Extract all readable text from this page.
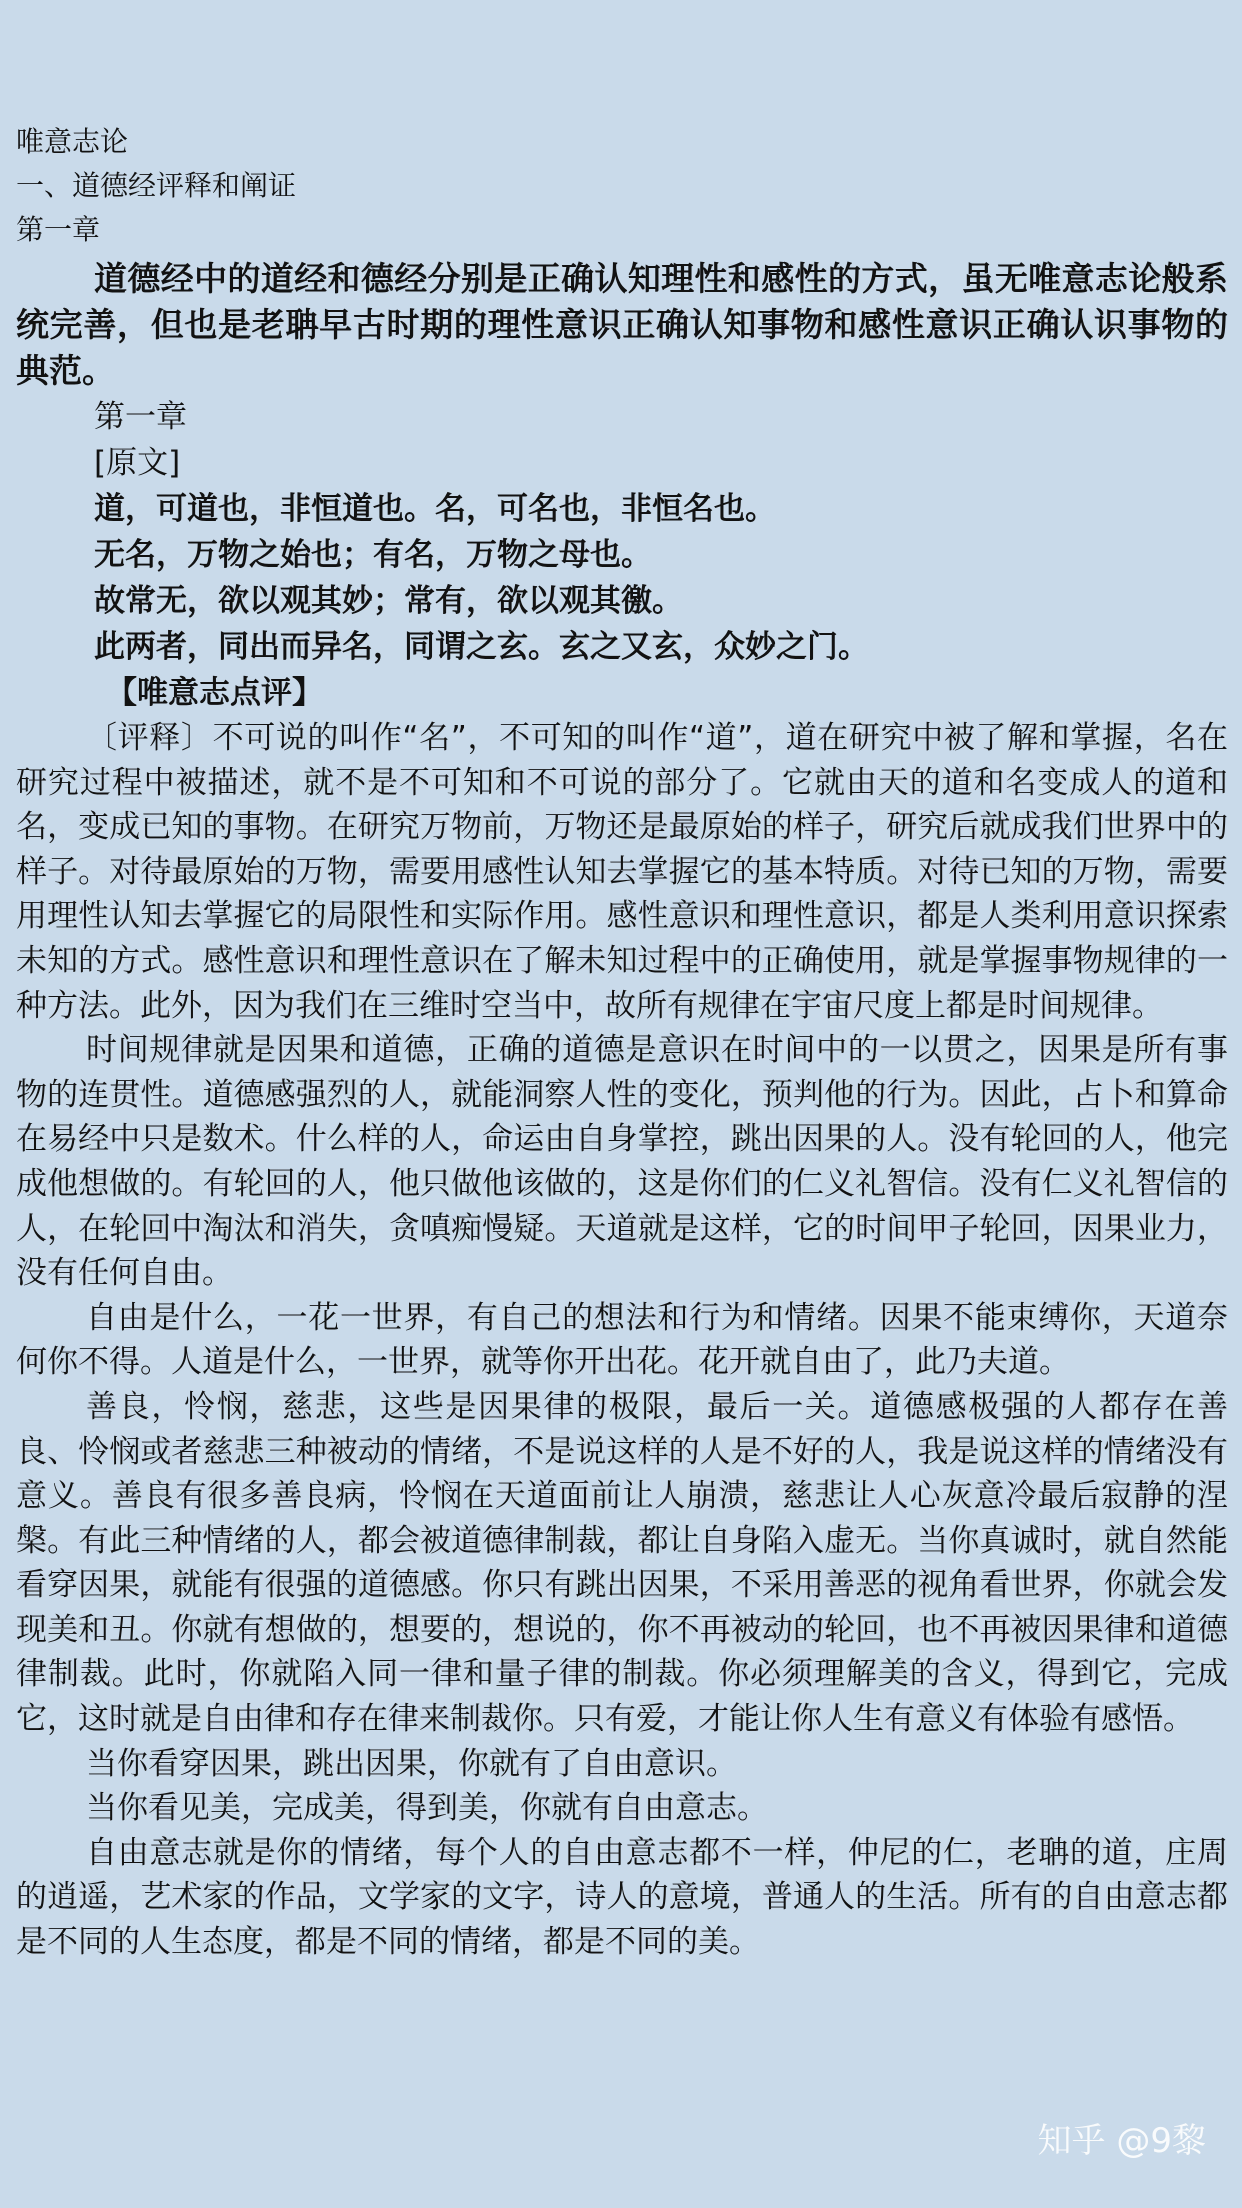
唯意志论
一、道德经评释和阐证
第一章
道德经中的道经和德经分别是正确认知理性和感性的方式，虽无唯意志论般系统完善，但也是老聃早古时期的理性意识正确认知事物和感性意识正确认识事物的典范。
第一章
[原文]
道，可道也，非恒道也。名，可名也，非恒名也。
无名，万物之始也；有名，万物之母也。
故常无，欲以观其妙；常有，欲以观其徼。
此两者，同出而异名，同谓之玄。玄之又玄，众妙之门。
【唯意志点评】

〔评释〕不可说的叫作“名”，不可知的叫作“道”，道在研究中被了解和掌握，名在研究过程中被描述，就不是不可知和不可说的部分了。它就由天的道和名变成人的道和名，变成已知的事物。在研究万物前，万物还是最原始的样子，研究后就成我们世界中的样子。对待最原始的万物，需要用感性认知去掌握它的基本特质。对待已知的万物，需要用理性认知去掌握它的局限性和实际作用。感性意识和理性意识，都是人类利用意识探索未知的方式。感性意识和理性意识在了解未知过程中的正确使用，就是掌握事物规律的一种方法。此外，因为我们在三维时空当中，故所有规律在宇宙尺度上都是时间规律。

时间规律就是因果和道德，正确的道德是意识在时间中的一以贯之，因果是所有事物的连贯性。道德感强烈的人，就能洞察人性的变化，预判他的行为。因此，占卜和算命在易经中只是数术。什么样的人，命运由自身掌控，跳出因果的人。没有轮回的人，他完成他想做的。有轮回的人，他只做他该做的，这是你们的仁义礼智信。没有仁义礼智信的人，在轮回中淘汰和消失，贪嗔痴慢疑。天道就是这样，它的时间甲子轮回，因果业力，没有任何自由。

自由是什么，一花一世界，有自己的想法和行为和情绪。因果不能束缚你，天道奈何你不得。人道是什么，一世界，就等你开出花。花开就自由了，此乃夫道。

善良，怜悯，慈悲，这些是因果律的极限，最后一关。道德感极强的人都存在善良、怜悯或者慈悲三种被动的情绪，不是说这样的人是不好的人，我是说这样的情绪没有意义。善良有很多善良病，怜悯在天道面前让人崩溃，慈悲让人心灰意冷最后寂静的涅槃。有此三种情绪的人，都会被道德律制裁，都让自身陷入虚无。当你真诚时，就自然能看穿因果，就能有很强的道德感。你只有跳出因果，不采用善恶的视角看世界，你就会发现美和丑。你就有想做的，想要的，想说的，你不再被动的轮回，也不再被因果律和道德律制裁。此时，你就陷入同一律和量子律的制裁。你必须理解美的含义，得到它，完成它，这时就是自由律和存在律来制裁你。只有爱，才能让你人生有意义有体验有感悟。

当你看穿因果，跳出因果，你就有了自由意识。

当你看见美，完成美，得到美，你就有自由意志。

自由意志就是你的情绪，每个人的自由意志都不一样，仲尼的仁，老聃的道，庄周的逍遥，艺术家的作品，文学家的文字，诗人的意境，普通人的生活。所有的自由意志都是不同的人生态度，都是不同的情绪，都是不同的美。

知乎 @9黎
